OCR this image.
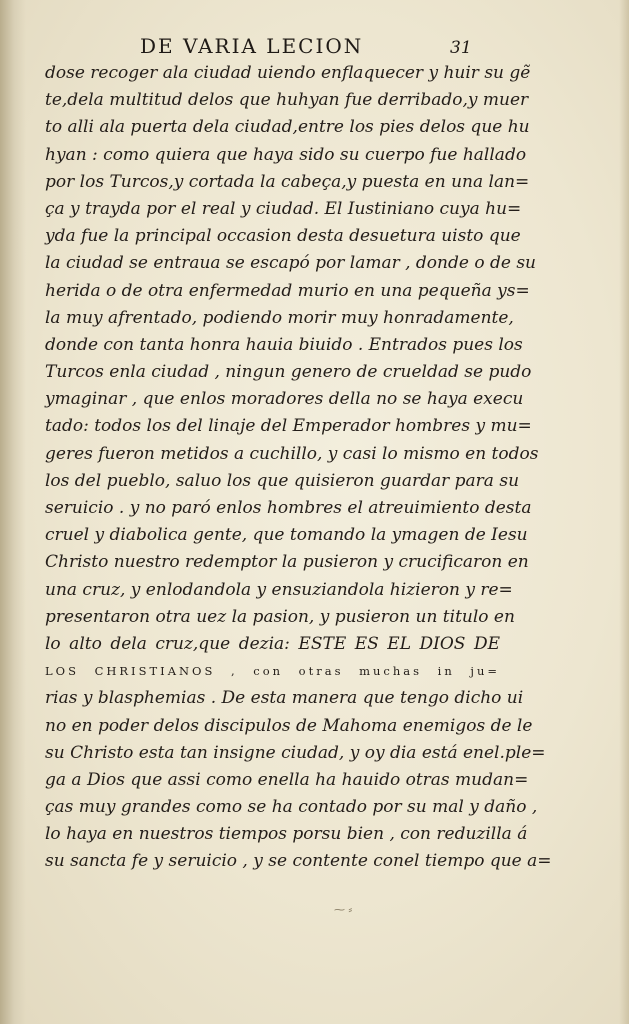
DE VARIA LECION	31
dose recoger ala ciudad uiendo enflaquecer y huir su gẽ
te,dela multitud delos que huhyan fue derribado,y muer
to alli ala puerta dela ciudad,entre los pies delos que hu
hyan : como quiera que haya sido su cuerpo fue hallado
por los Turcos,y cortada la cabeça,y puesta en una lan=
ça y trayda por el real y ciudad. El Iustiniano cuya hu=
yda fue la principal occasion desta desuetura uisto que
la ciudad se entraua se escapó por lamar , donde o de su
herida o de otra enfermedad murio en una pequeña ys=
la muy afrentado, podiendo morir muy honradamente,
donde con tanta honra hauia biuido . Entrados pues los
Turcos enla ciudad , ningun genero de crueldad se pudo
ymaginar , que enlos moradores della no se haya execu
tado: todos los del linaje del Emperador hombres y mu=
geres fueron metidos a cuchillo, y casi lo mismo en todos
los del pueblo, saluo los que quisieron guardar para su
seruicio . y no paró enlos hombres el atreuimiento desta
cruel y diabolica gente, que tomando la ymagen de Iesu
Christo nuestro redemptor la pusieron y crucificaron en
una cruz, y enlodandola y ensuziandola hizieron y re=
presentaron otra uez la pasion, y pusieron un titulo en
lo alto dela cruz,que dezia: ESTE ES EL DIOS DE
LOS CHRISTIANOS , con otras muchas in ju=
rias y blasphemias . De esta manera que tengo dicho ui
no en poder delos discipulos de Mahoma enemigos de le
su Christo esta tan insigne ciudad, y oy dia está enel.ple=
ga a Dios que assi como enella ha hauido otras mudan=
ças muy grandes como se ha contado por su mal y daño ,
lo haya en nuestros tiempos porsu bien , con reduzilla á
su sancta fe y seruicio , y se contente conel tiempo que a=
⁓ ⸗
